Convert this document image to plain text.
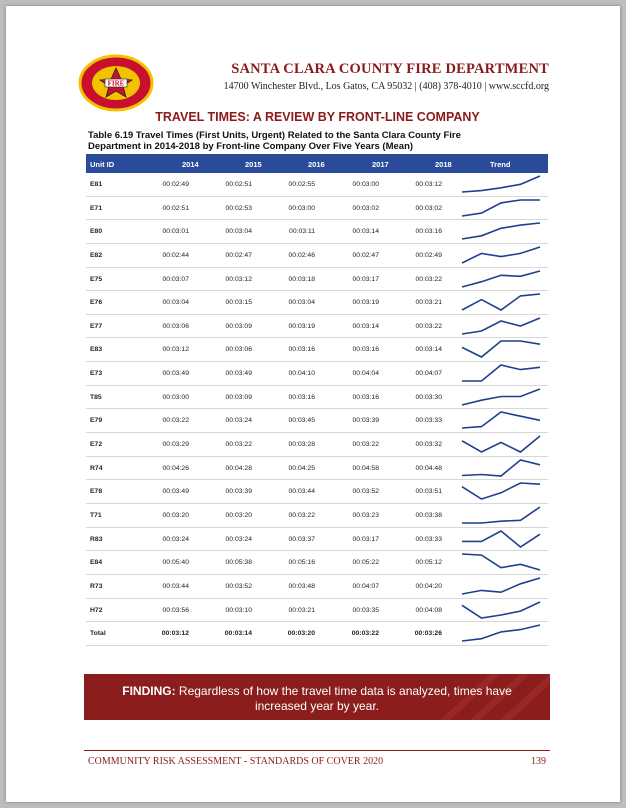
FIRE
SANTA CLARA COUNTY FIRE DEPARTMENT
14700 Winchester Blvd., Los Gatos, CA 95032 | (408) 378-4010 | www.sccfd.org
TRAVEL TIMES: A REVIEW BY FRONT-LINE COMPANY
Table 6.19 Travel Times (First Units, Urgent) Related to the Santa Clara County Fire Department in 2014-2018 by Front-line Company Over Five Years (Mean)
Unit ID	2014	2015	2016	2017	2018	Trend
E81	00:02:49	00:02:51	00:02:55	00:03:00	00:03:12
E71	00:02:51	00:02:53	00:03:00	00:03:02	00:03:02
E80	00:03:01	00:03:04	00:03:11	00:03:14	00:03:16
E82	00:02:44	00:02:47	00:02:46	00:02:47	00:02:49
E75	00:03:07	00:03:12	00:03:18	00:03:17	00:03:22
E76	00:03:04	00:03:15	00:03:04	00:03:19	00:03:21
E77	00:03:06	00:03:09	00:03:19	00:03:14	00:03:22
E83	00:03:12	00:03:06	00:03:16	00:03:16	00:03:14
E73	00:03:49	00:03:49	00:04:10	00:04:04	00:04:07
T85	00:03:00	00:03:09	00:03:16	00:03:16	00:03:30
E79	00:03:22	00:03:24	00:03:45	00:03:39	00:03:33
E72	00:03:29	00:03:22	00:03:28	00:03:22	00:03:32
R74	00:04:26	00:04:28	00:04:25	00:04:58	00:04:48
E78	00:03:49	00:03:39	00:03:44	00:03:52	00:03:51
T71	00:03:20	00:03:20	00:03:22	00:03:23	00:03:38
R83	00:03:24	00:03:24	00:03:37	00:03:17	00:03:33
E84	00:05:40	00:05:38	00:05:16	00:05:22	00:05:12
R73	00:03:44	00:03:52	00:03:48	00:04:07	00:04:20
H72	00:03:56	00:03:10	00:03:21	00:03:35	00:04:08
Total	00:03:12	00:03:14	00:03:20	00:03:22	00:03:26
FINDING: Regardless of how the travel time data is analyzed, times have increased year by year.
COMMUNITY RISK ASSESSMENT - STANDARDS OF COVER 2020	139
